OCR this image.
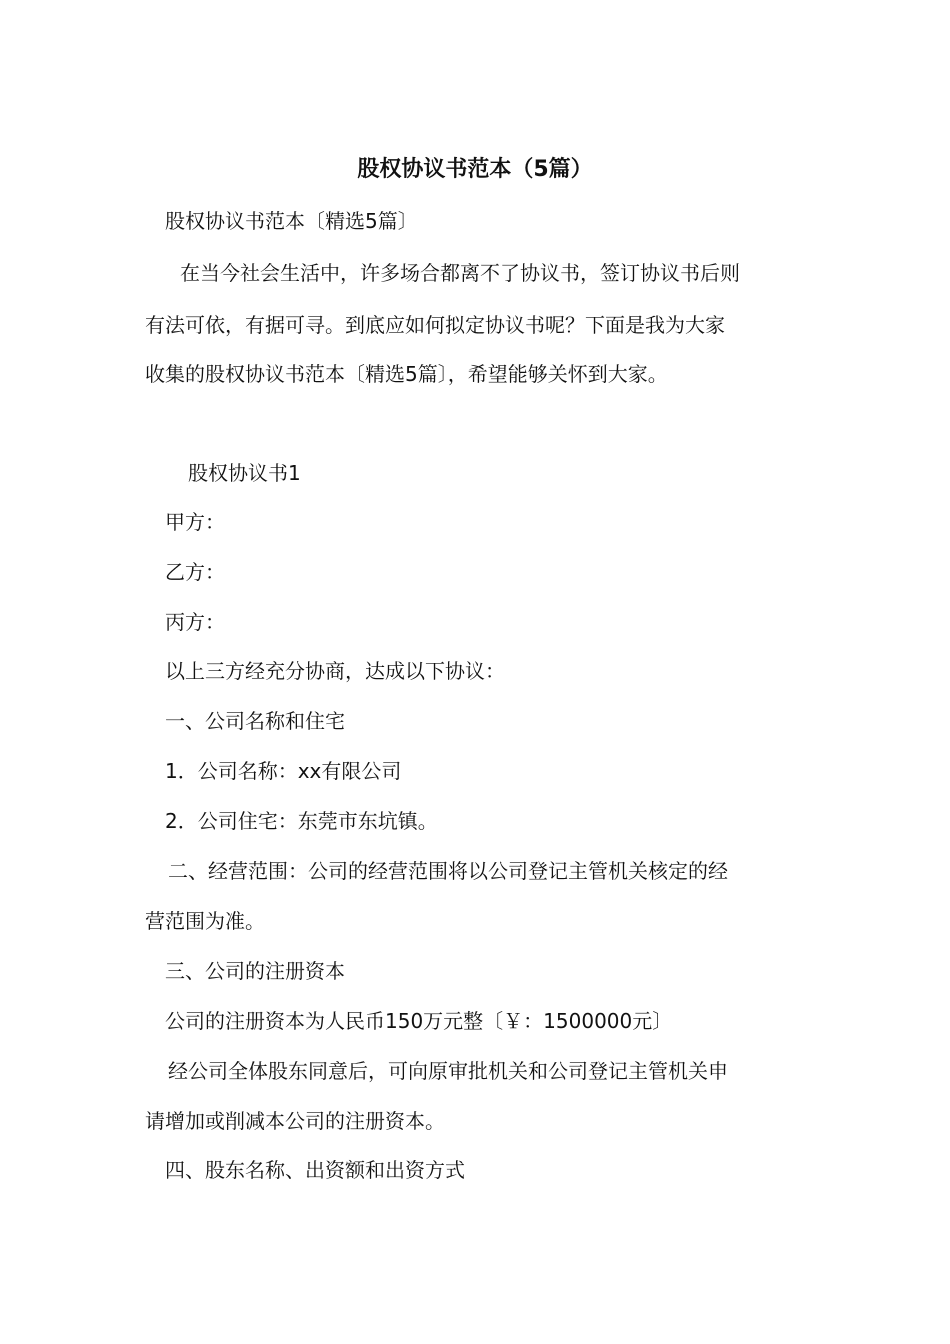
股权协议书范本（5篇）

股权协议书范本〔精选5篇〕

在当今社会生活中，许多场合都离不了协议书，签订协议书后则

有法可依，有据可寻。到底应如何拟定协议书呢？下面是我为大家

收集的股权协议书范本〔精选5篇〕，希望能够关怀到大家。

股权协议书1

甲方：

乙方：

丙方：

以上三方经充分协商，达成以下协议：

一、公司名称和住宅

1．公司名称：xx有限公司

2．公司住宅：东莞市东坑镇。

二、经营范围：公司的经营范围将以公司登记主管机关核定的经

营范围为准。

三、公司的注册资本

公司的注册资本为人民币150万元整〔￥：1500000元〕

经公司全体股东同意后，可向原审批机关和公司登记主管机关申

请增加或削减本公司的注册资本。

四、股东名称、出资额和出资方式
